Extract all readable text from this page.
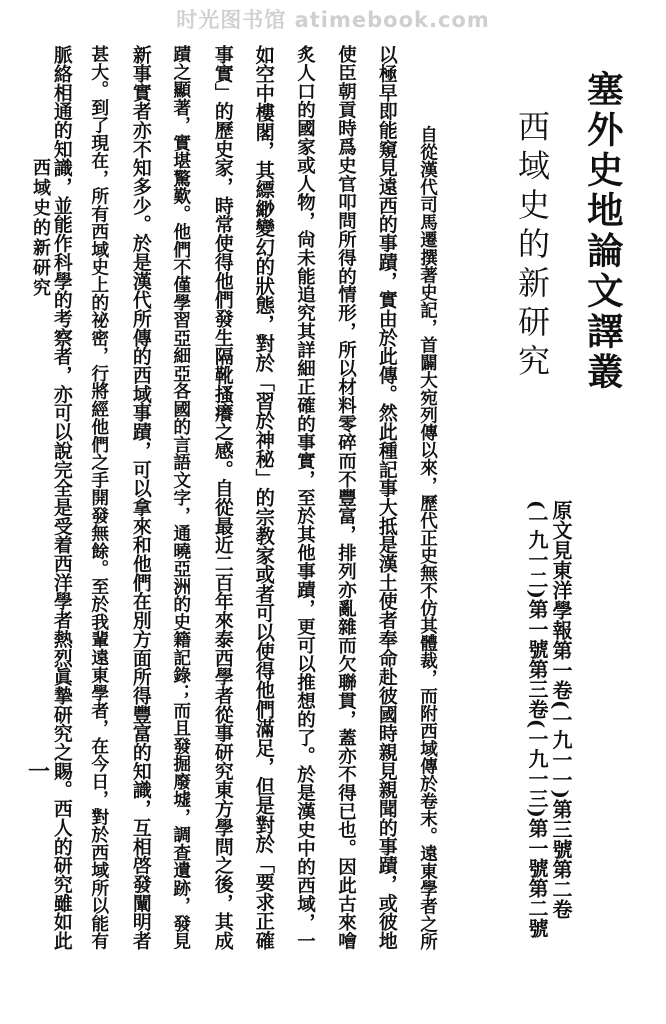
时光图书馆 atimebook.com
塞外史地論文譯叢
西域史的新研究
原文見東洋學報第一卷(一九一一)第三號第二卷
(一九一二)第一號第三卷(一九一三)第一號第二號
　自從漢代司馬遷撰著史記，首闢大宛列傳以來，歷代正史無不仿其體裁，而附西域傳於卷末。遠東學者之所
以極早即能窺見遠西的事蹟，實由於此傳。然此種記事大抵是漢土使者奉命赴彼國時親見親聞的事蹟，或彼地
使臣朝貢時爲史官叩問所得的情形，所以材料零碎而不豐富，排列亦亂雜而欠聯貫，蓋亦不得已也。因此古來噲
炙人口的國家或人物，尙未能追究其詳細正確的事實，至於其他事蹟，更可以推想的了。於是漢史中的西域，一
如空中樓閣，其縹緲變幻的狀態，對於「習於神秘」的宗教家或者可以使得他們滿足，但是對於「要求正確
事實」的歷史家，時常使得他們發生隔靴搔癢之感。自從最近二百年來泰西學者從事研究東方學問之後，其成
蹟之顯著，實堪驚歎。他們不僅學習亞細亞各國的言語文字，通曉亞洲的史籍記錄；而且發掘廢墟，調查遺跡，發見
新事實者亦不知多少。於是漢代所傳的西域事蹟，可以拿來和他們在別方面所得豐富的知識，互相啓發闡明者
甚大。到了現在，所有西域史上的祕密，行將經他們之手開發無餘。至於我輩遠東學者，在今日，對於西域所以能有
脈絡相通的知識，並能作科學的考察者，亦可以說完全是受着西洋學者熱烈眞摯研究之賜。西人的研究雖如此
西域史的新研究
一
